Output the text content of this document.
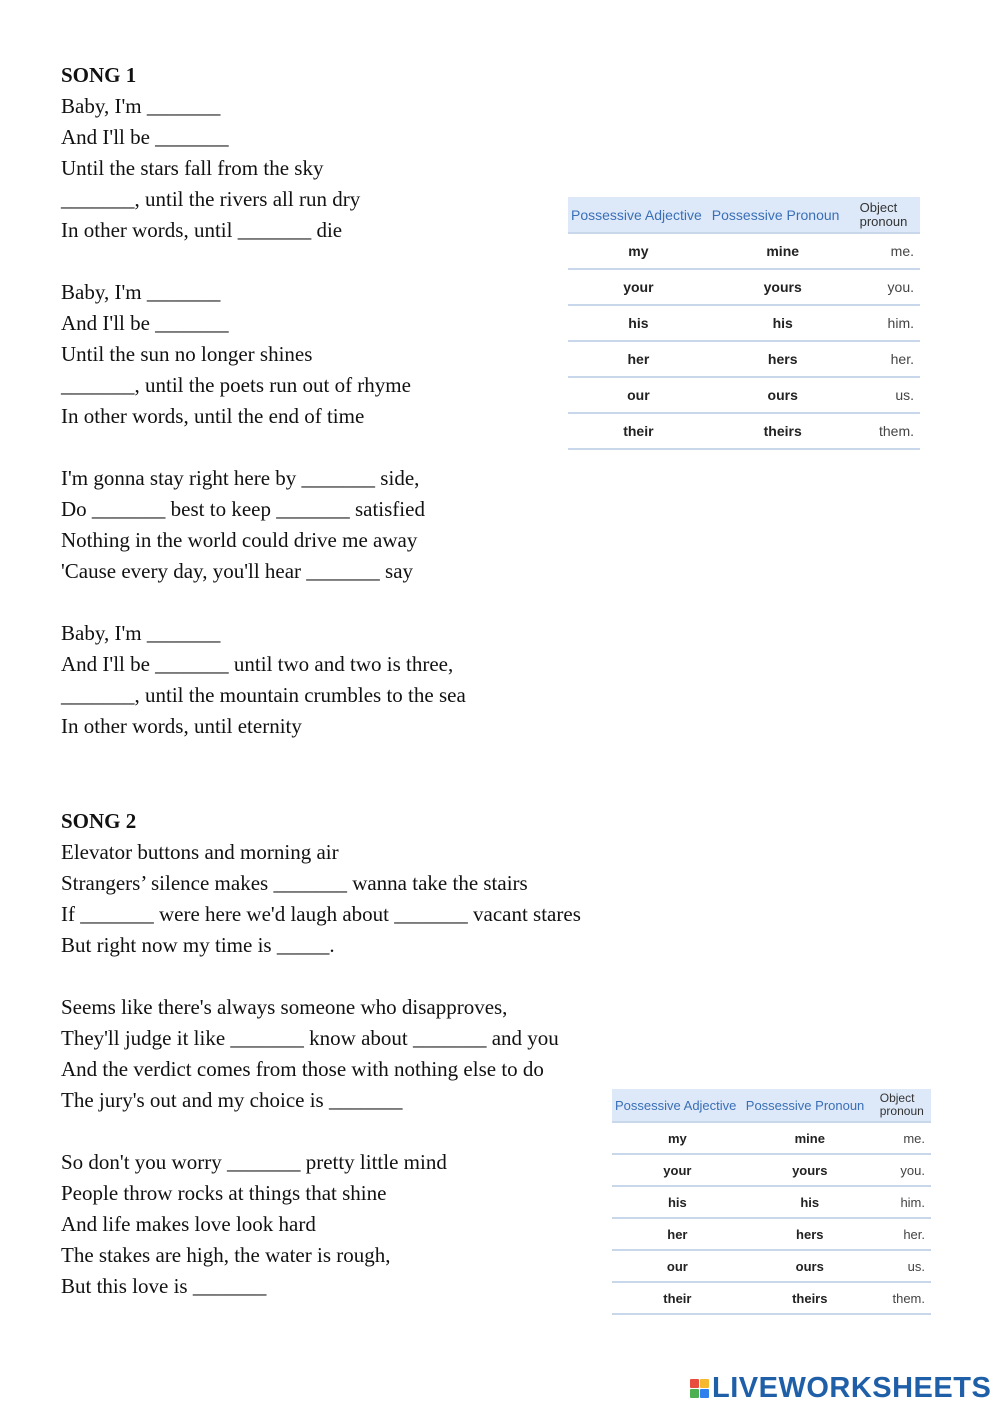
SONG 1
Baby, I'm _______
And I'll be _______
Until the stars fall from the sky
_______, until the rivers all run dry
In other words, until _______ die
Baby, I'm _______
And I'll be _______
Until the sun no longer shines
_______, until the poets run out of rhyme
In other words, until the end of time
I'm gonna stay right here by _______ side,
Do _______ best to keep _______ satisfied
Nothing in the world could drive me away
'Cause every day, you'll hear _______ say
Baby, I'm _______
And I'll be _______ until two and two is three,
_______, until the mountain crumbles to the sea
In other words, until eternity
SONG 2
Elevator buttons and morning air
Strangers’ silence makes _______ wanna take the stairs
If _______ were here we'd laugh about _______ vacant stares
But right now my time is _____.
Seems like there's always someone who disapproves,
They'll judge it like _______ know about _______ and you
And the verdict comes from those with nothing else to do
The jury's out and my choice is _______
So don't you worry _______ pretty little mind
People throw rocks at things that shine
And life makes love look hard
The stakes are high, the water is rough,
But this love is _______
Possessive Adjective	Possessive Pronoun	Object pronoun
my	mine	me.
your	yours	you.
his	his	him.
her	hers	her.
our	ours	us.
their	theirs	them.
Possessive Adjective	Possessive Pronoun	Object pronoun
my	mine	me.
your	yours	you.
his	his	him.
her	hers	her.
our	ours	us.
their	theirs	them.
LIVEWORKSHEETS
